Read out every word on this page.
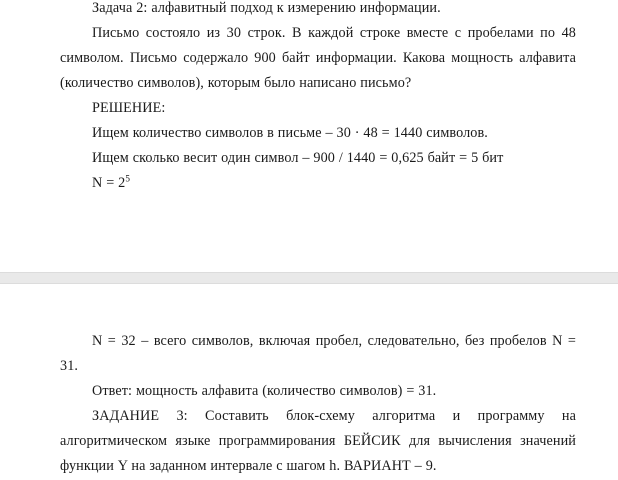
Задача 2: алфавитный подход к измерению информации.

Письмо состояло из 30 строк. В каждой строке вместе с пробелами по 48 символом. Письмо содержало 900 байт информации. Какова мощность алфавита (количество символов), которым было написано письмо?

РЕШЕНИЕ:

Ищем количество символов в письме – 30 · 48 = 1440 символов.

Ищем сколько весит один символ – 900 / 1440 = 0,625 байт = 5 бит

$N = 2^5$

N = 32 – всего символов, включая пробел, следовательно, без пробелов N = 31.

Ответ: мощность алфавита (количество символов) = 31.

ЗАДАНИЕ 3: Составить блок-схему алгоритма и программу на алгоритмическом языке программирования БЕЙСИК для вычисления значений функции Y на заданном интервале с шагом h. ВАРИАНТ – 9.
